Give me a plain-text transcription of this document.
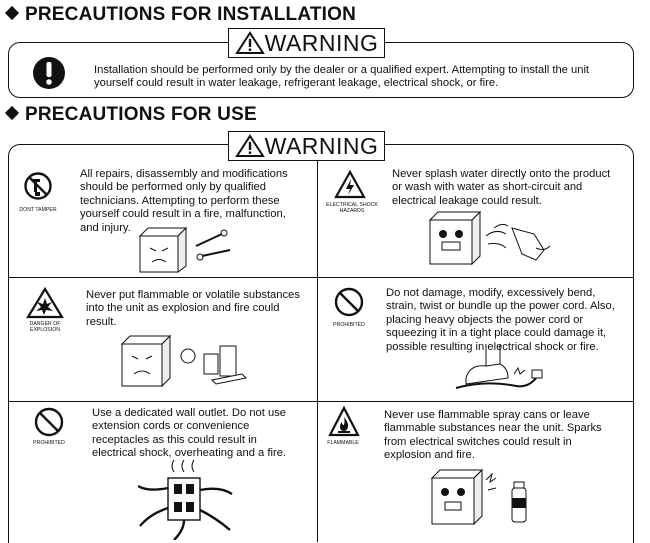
PRECAUTIONS FOR INSTALLATION
WARNING
Installation should be performed only by the dealer or a qualified expert. Attempting to install the unit yourself could result in water leakage, refrigerant leakage, electrical shock, or fire.
PRECAUTIONS FOR USE
WARNING
DONT TAMPER
All repairs, disassembly and modifications should be performed only by qualified technicians. Attempting to perform these yourself could result in a fire, malfunction, and injury.
ELECTRICAL SHOCK HAZARDS
Never splash water directly onto the product or wash with water as short-circuit and electrical leakage could result.
DANGER OF EXPLOSION
Never put flammable or volatile substances into the unit as explosion and fire could result.	PROHIBITED
Do not damage, modify, excessively bend, strain, twist or bundle up the power cord. Also, placing heavy objects the power cord or squeezing it in a tight place could damage it, possible resulting in electrical shock or fire.
PROHIBITED
Use a dedicated wall outlet. Do not use extension cords or convenience receptacles as this could result in electrical shock, overheating and a fire.
FLAMMABLE
Never use flammable spray cans or leave flammable substances near the unit. Sparks from electrical switches could result in explosion and fire.
